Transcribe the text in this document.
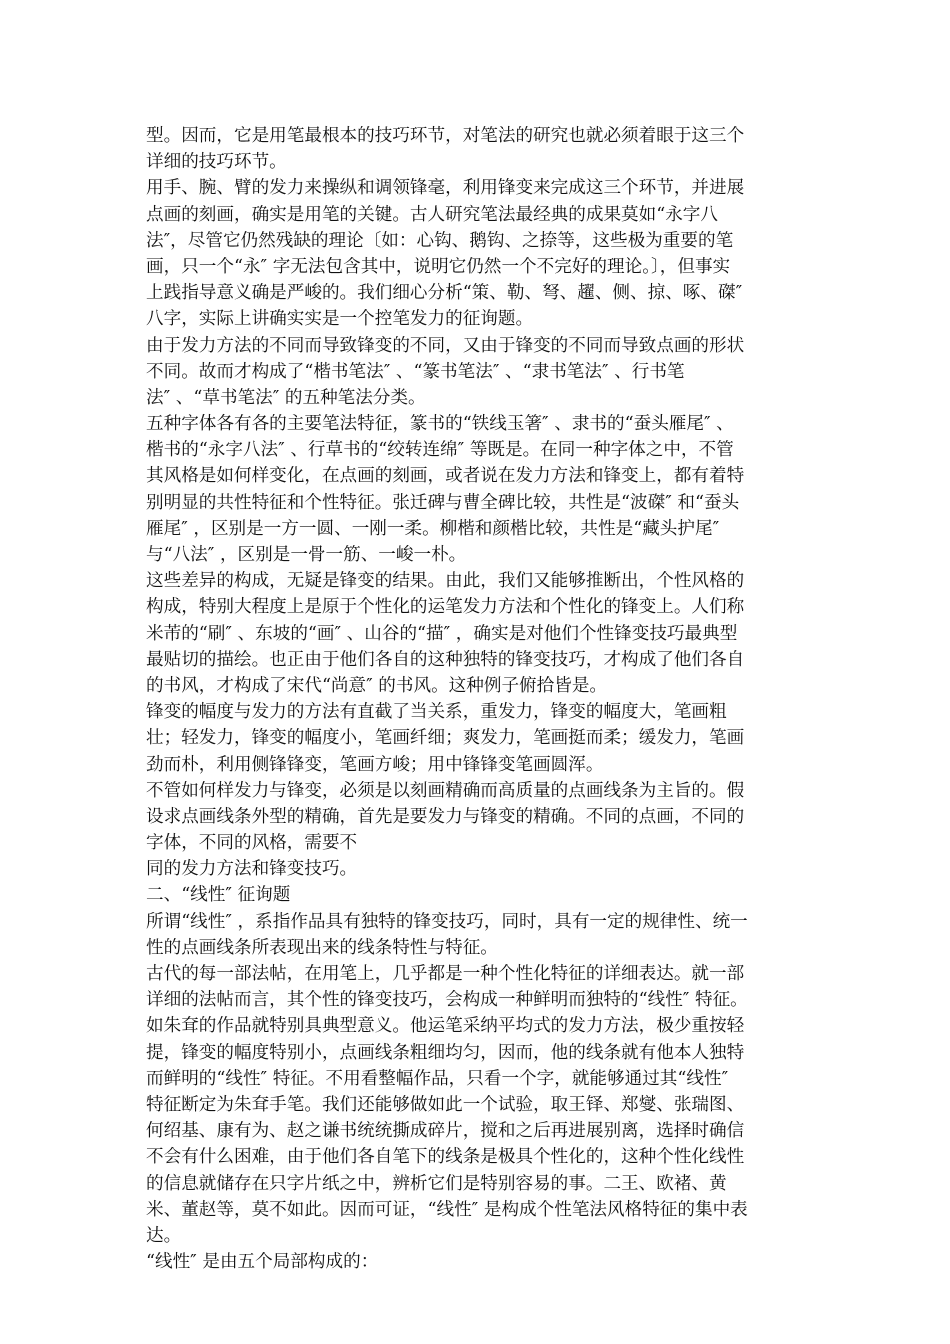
型。因而，它是用笔最根本的技巧环节，对笔法的研究也就必须着眼于这三个
详细的技巧环节。
用手、腕、臂的发力来操纵和调领锋毫，利用锋变来完成这三个环节，并进展
点画的刻画，确实是用笔的关键。古人研究笔法最经典的成果莫如“永字八
法″，尽管它仍然残缺的理论〔如：心钩、鹅钩、之捺等，这些极为重要的笔
画，只一个“永″ 字无法包含其中，说明它仍然一个不完好的理论。〕，但事实
上践指导意义确是严峻的。我们细心分析“策、勒、弩、趯、侧、掠、啄、磔″
八字，实际上讲确实实是一个控笔发力的征询题。
由于发力方法的不同而导致锋变的不同，又由于锋变的不同而导致点画的形状
不同。故而才构成了“楷书笔法″ 、“篆书笔法″ 、“隶书笔法″ 、行书笔
法″ 、“草书笔法″ 的五种笔法分类。
五种字体各有各的主要笔法特征，篆书的“铁线玉箸″ 、隶书的“蚕头雁尾″ 、
楷书的“永字八法″ 、行草书的“绞转连绵″ 等既是。在同一种字体之中，不管
其风格是如何样变化，在点画的刻画，或者说在发力方法和锋变上，都有着特
别明显的共性特征和个性特征。张迁碑与曹全碑比较，共性是“波磔″ 和“蚕头
雁尾″ ，区别是一方一圆、一刚一柔。柳楷和颜楷比较，共性是“藏头护尾″
与“八法″ ，区别是一骨一筋、一峻一朴。
这些差异的构成，无疑是锋变的结果。由此，我们又能够推断出，个性风格的
构成，特别大程度上是原于个性化的运笔发力方法和个性化的锋变上。人们称
米芾的“刷″ 、东坡的“画″ 、山谷的“描″ ，确实是对他们个性锋变技巧最典型
最贴切的描绘。也正由于他们各自的这种独特的锋变技巧，才构成了他们各自
的书风，才构成了宋代“尚意″ 的书风。这种例子俯拾皆是。
锋变的幅度与发力的方法有直截了当关系，重发力，锋变的幅度大，笔画粗
壮；轻发力，锋变的幅度小，笔画纤细；爽发力，笔画挺而柔；缓发力，笔画
劲而朴，利用侧锋锋变，笔画方峻；用中锋锋变笔画圆浑。
不管如何样发力与锋变，必须是以刻画精确而高质量的点画线条为主旨的。假
设求点画线条外型的精确，首先是要发力与锋变的精确。不同的点画，不同的
字体，不同的风格，需要不
同的发力方法和锋变技巧。
二、“线性″ 征询题
所谓“线性″ ，系指作品具有独特的锋变技巧，同时，具有一定的规律性、统一
性的点画线条所表现出来的线条特性与特征。
古代的每一部法帖，在用笔上，几乎都是一种个性化特征的详细表达。就一部
详细的法帖而言，其个性的锋变技巧，会构成一种鲜明而独特的“线性″ 特征。
如朱耷的作品就特别具典型意义。他运笔采纳平均式的发力方法，极少重按轻
提，锋变的幅度特别小，点画线条粗细均匀，因而，他的线条就有他本人独特
而鲜明的“线性″ 特征。不用看整幅作品，只看一个字，就能够通过其“线性″
特征断定为朱耷手笔。我们还能够做如此一个试验，取王铎、郑燮、张瑞图、
何绍基、康有为、赵之谦书统统撕成碎片，搅和之后再进展别离，选择时确信
不会有什么困难，由于他们各自笔下的线条是极具个性化的，这种个性化线性
的信息就储存在只字片纸之中，辨析它们是特别容易的事。二王、欧褚、黄
米、董赵等，莫不如此。因而可证，“线性″ 是构成个性笔法风格特征的集中表
达。
“线性″ 是由五个局部构成的：
